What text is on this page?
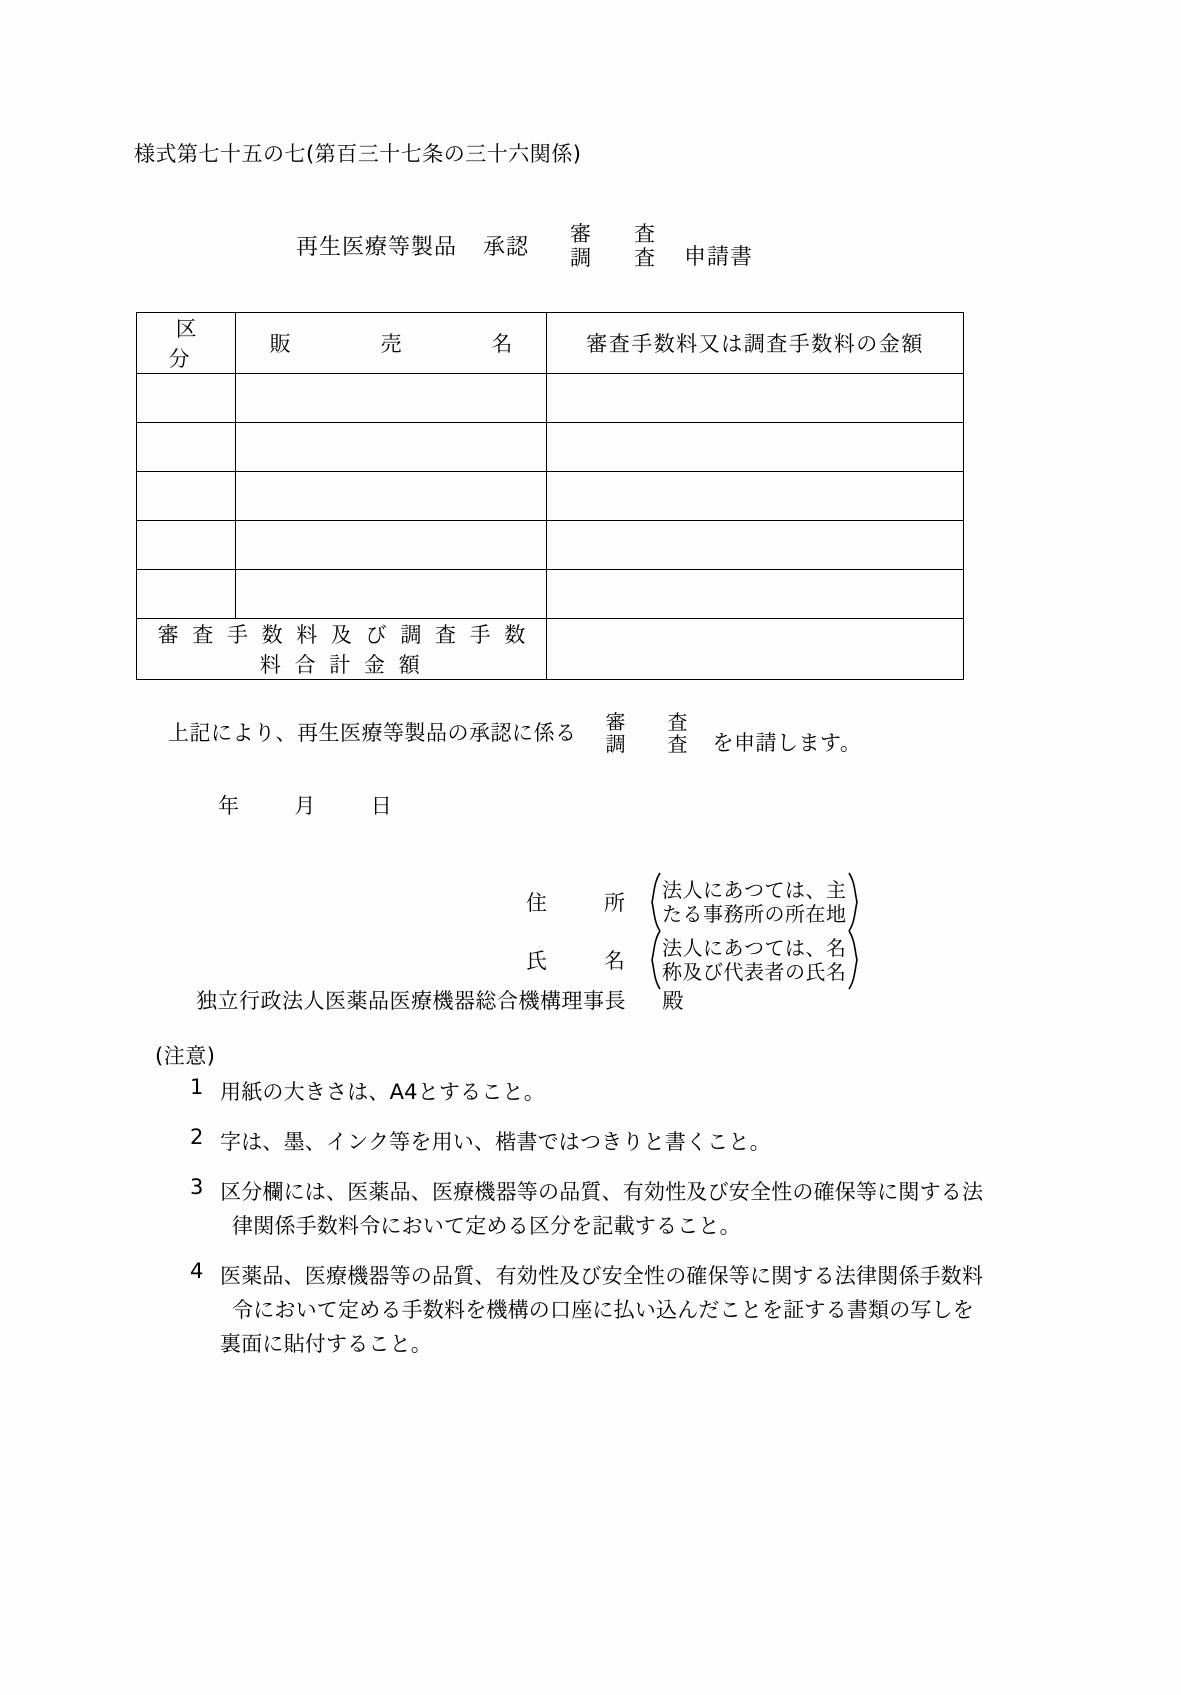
様式第七十五の七(第百三十七条の三十六関係)
再生医療等製品 承認
審　査
調　査 申請書
区　分	販　　売　　名	審査手数料又は調査手数料の金額

審 査 手 数 料 及 び 調 査 手 数 料 合 計 金 額		
上記により、再生医療等製品の承認に係る	審　査
調　査 を申請します。
年	月	日
住　所
法人にあつては、主
たる事務所の所在地
氏　名
法人にあつては、名
称及び代表者の氏名
独立行政法人医薬品医療機器総合機構理事長 殿
(注意)
1 用紙の大きさは、A4とすること。
2 字は、墨、インク等を用い、楷書ではつきりと書くこと。
3 区分欄には、医薬品、医療機器等の品質、有効性及び安全性の確保等に関する法
律関係手数料令において定める区分を記載すること。
4 医薬品、医療機器等の品質、有効性及び安全性の確保等に関する法律関係手数料
令において定める手数料を機構の口座に払い込んだことを証する書類の写しを裏面に貼付すること。
